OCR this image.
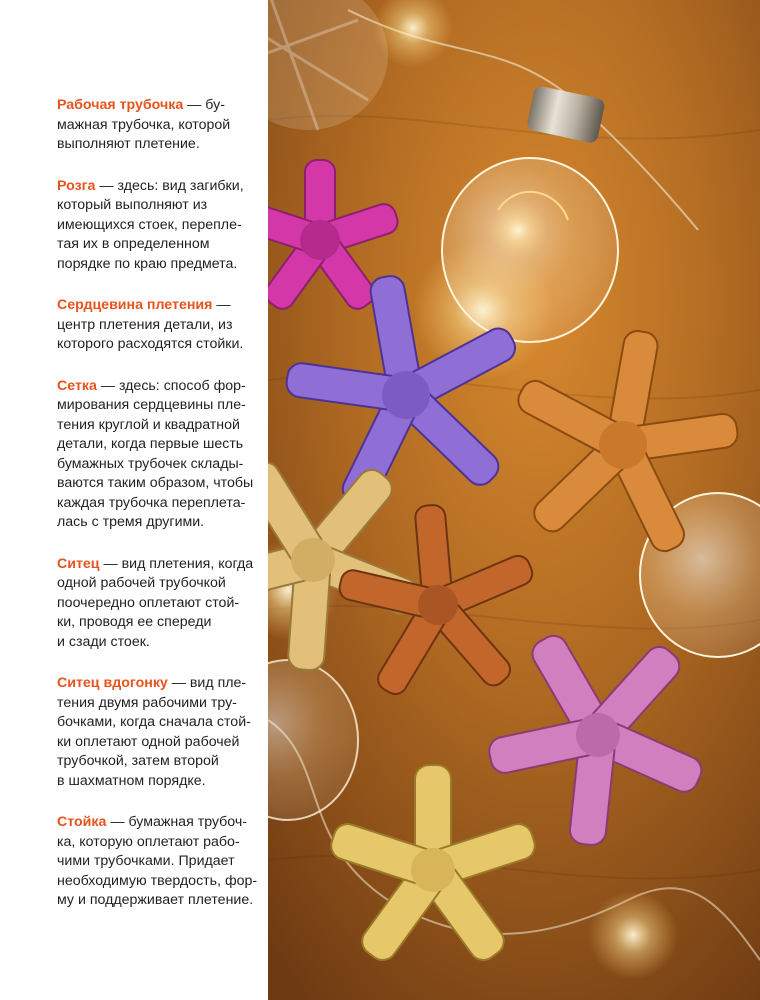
Рабочая трубочка — бу-
мажная трубочка, которой
выполняют плетение.
Розга — здесь: вид загибки,
который выполняют из
имеющихся стоек, перепле-
тая их в определенном
порядке по краю предмета.
Сердцевина плетения —
центр плетения детали, из
которого расходятся стойки.
Сетка — здесь: способ фор-
мирования сердцевины пле-
тения круглой и квадратной
детали, когда первые шесть
бумажных трубочек склады-
ваются таким образом, чтобы
каждая трубочка переплета-
лась с тремя другими.
Ситец — вид плетения, когда
одной рабочей трубочкой
поочередно оплетают стой-
ки, проводя ее спереди
и сзади стоек.
Ситец вдогонку — вид пле-
тения двумя рабочими тру-
бочками, когда сначала стой-
ки оплетают одной рабочей
трубочкой, затем второй
в шахматном порядке.
Стойка — бумажная трубоч-
ка, которую оплетают рабо-
чими трубочками. Придает
необходимую твердость, фор-
му и поддерживает плетение.
